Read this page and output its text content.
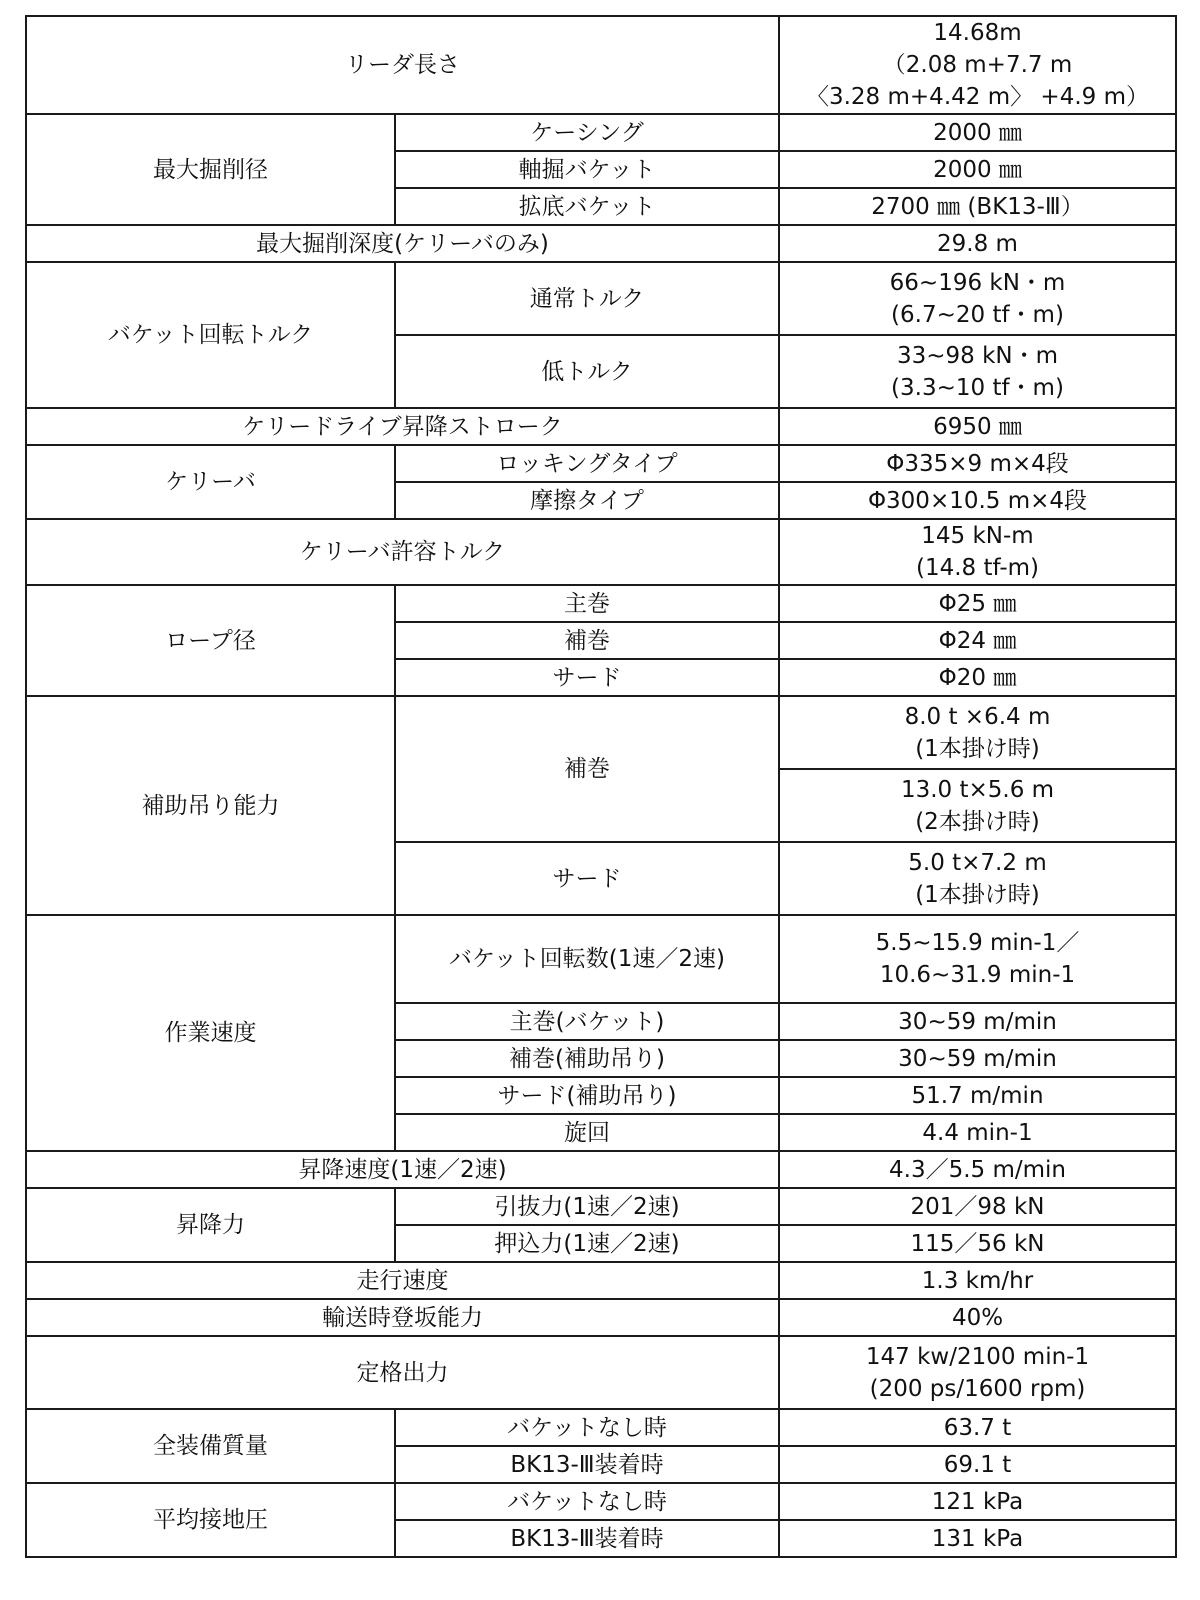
リーダ長さ		14.68m
（2.08 m+7.7 m
〈3.28 m+4.42 m〉 +4.9 m）
最大掘削径	ケーシング	2000 ㎜
	軸掘バケット	2000 ㎜
	拡底バケット	2700 ㎜ (BK13-Ⅲ）
最大掘削深度(ケリーバのみ)		29.8 m
バケット回転トルク	通常トルク	66~196 kN・m
(6.7~20 tf・m)
	低トルク	33~98 kN・m
(3.3~10 tf・m)
ケリードライブ昇降ストローク		6950 ㎜
ケリーバ	ロッキングタイプ	Φ335×9 m×4段
	摩擦タイプ	Φ300×10.5 m×4段
ケリーバ許容トルク		145 kN-m
(14.8 tf-m)
ロープ径	主巻	Φ25 ㎜
	補巻	Φ24 ㎜
	サード	Φ20 ㎜
補助吊り能力	補巻	8.0 t ×6.4 m
(1本掛け時)
		13.0 t×5.6 m
(2本掛け時)
	サード	5.0 t×7.2 m
(1本掛け時)
作業速度	バケット回転数(1速／2速)	5.5~15.9 min-1／
10.6~31.9 min-1
	主巻(バケット)	30~59 m/min
	補巻(補助吊り)	30~59 m/min
	サード(補助吊り)	51.7 m/min
	旋回	4.4 min-1
昇降速度(1速／2速)		4.3／5.5 m/min
昇降力	引抜力(1速／2速)	201／98 kN
	押込力(1速／2速)	115／56 kN
走行速度		1.3 km/hr
輸送時登坂能力		40%
定格出力		147 kw/2100 min-1
(200 ps/1600 rpm)
全装備質量	バケットなし時	63.7 t
	BK13-Ⅲ装着時	69.1 t
平均接地圧	バケットなし時	121 kPa
	BK13-Ⅲ装着時	131 kPa
